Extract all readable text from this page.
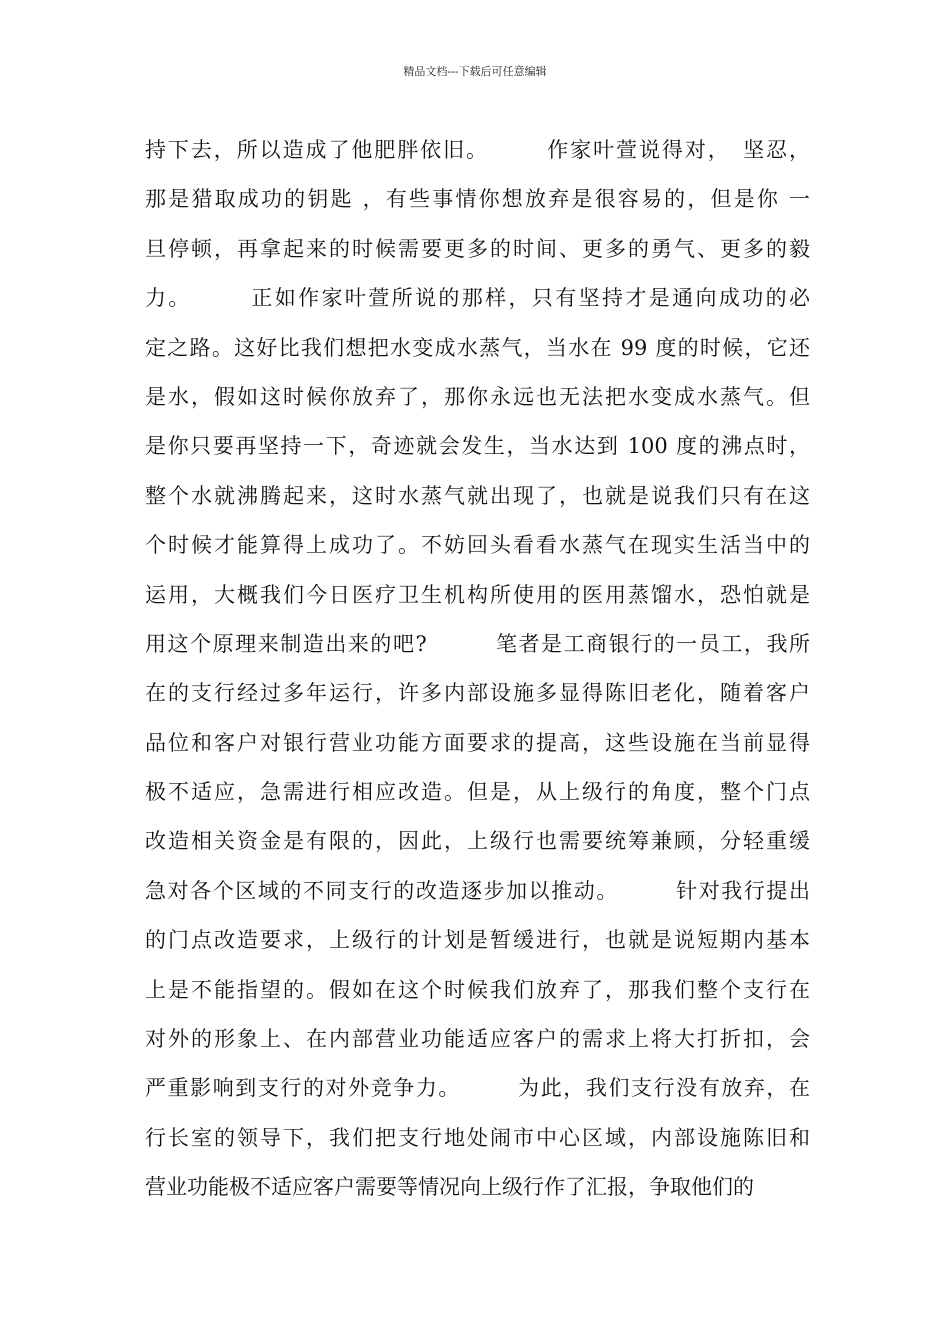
精品文档---下载后可任意编辑
持下去，所以造成了他肥胖依旧。　　　作家叶萱说得对，　坚忍，
那是猎取成功的钥匙 ，有些事情你想放弃是很容易的，但是你 一
旦停顿，再拿起来的时候需要更多的时间、更多的勇气、更多的毅
力。　　　正如作家叶萱所说的那样，只有坚持才是通向成功的必
定之路。这好比我们想把水变成水蒸气，当水在 99 度的时候，它还
是水，假如这时候你放弃了，那你永远也无法把水变成水蒸气。但
是你只要再坚持一下，奇迹就会发生，当水达到 100 度的沸点时，
整个水就沸腾起来，这时水蒸气就出现了，也就是说我们只有在这
个时候才能算得上成功了。不妨回头看看水蒸气在现实生活当中的
运用，大概我们今日医疗卫生机构所使用的医用蒸馏水，恐怕就是
用这个原理来制造出来的吧?　　　笔者是工商银行的一员工，我所
在的支行经过多年运行，许多内部设施多显得陈旧老化，随着客户
品位和客户对银行营业功能方面要求的提高，这些设施在当前显得
极不适应，急需进行相应改造。但是，从上级行的角度，整个门点
改造相关资金是有限的，因此，上级行也需要统筹兼顾，分轻重缓
急对各个区域的不同支行的改造逐步加以推动。　　　针对我行提出
的门点改造要求，上级行的计划是暂缓进行，也就是说短期内基本
上是不能指望的。假如在这个时候我们放弃了，那我们整个支行在
对外的形象上、在内部营业功能适应客户的需求上将大打折扣，会
严重影响到支行的对外竞争力。　　　为此，我们支行没有放弃，在
行长室的领导下，我们把支行地处闹市中心区域，内部设施陈旧和
营业功能极不适应客户需要等情况向上级行作了汇报，争取他们的
